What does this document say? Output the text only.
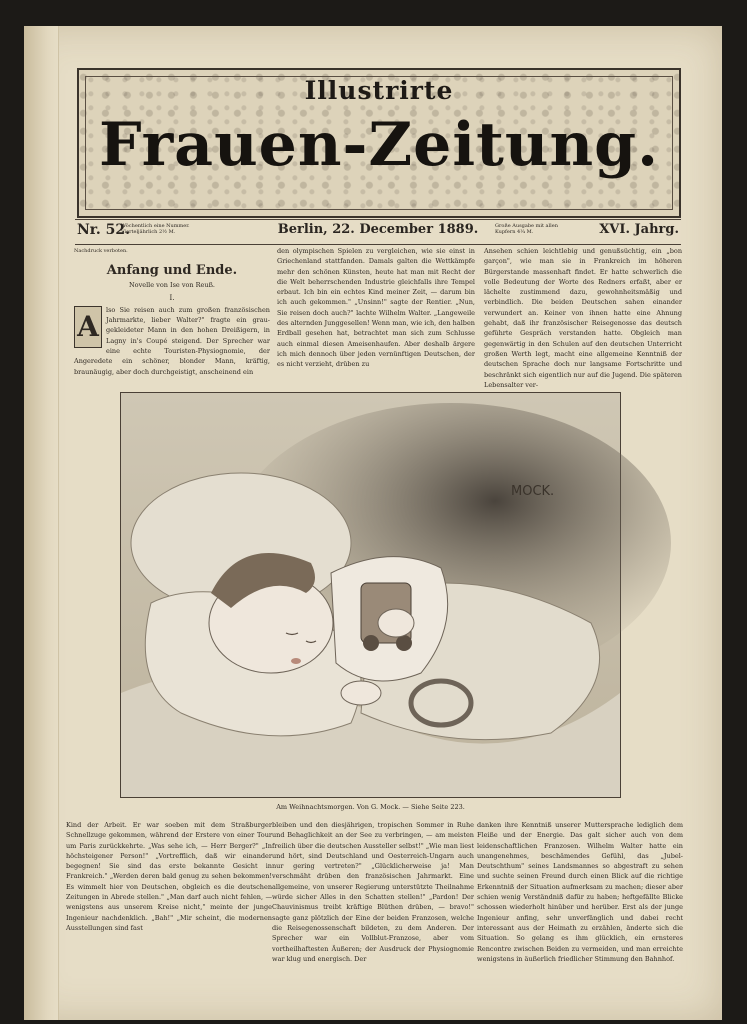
Illustrirte
Frauen-Zeitung.
Nr. 52.
Wöchentlich eine Nummer. Vierteljährlich 2½ M.	Berlin, 22. December 1889.	Große Ausgabe mit allen Kupfern 4¼ M.	XVI. Jahrg.
Nachdruck verboten.
Anfang und Ende.
Novelle von Ise von Reuß.
I.

A	lso Sie reisen auch zum großen französischen Jahrmarkte, lieber Walter?" fragte ein grau-gekleideter Mann in den hohen Dreißigern, in Lagny in's Coupé steigend. Der Sprecher war eine echte Touristen-Physiognomie, der Angeredete ein schöner, blonder Mann, kräftig, braunäugig, aber doch durchgeistigt, anscheinend ein

den olympischen Spielen zu vergleichen, wie sie einst in Griechenland stattfanden. Damals galten die Wettkämpfe mehr den schönen Künsten, heute hat man mit Recht der die Welt beherrschenden Industrie gleichfalls ihre Tempel erbaut. Ich bin ein echtes Kind meiner Zeit, — darum bin ich auch gekommen." „Unsinn!" sagte der Rentier. „Nun, Sie reisen doch auch?" lachte Wilhelm Walter. „Langeweile des alternden Junggesellen! Wenn man, wie ich, den halben Erdball gesehen hat, betrachtet man sich zum Schlusse auch einmal diesen Ameisenhaufen. Aber deshalb ärgere ich mich dennoch über jeden vernünftigen Deutschen, der es nicht verzieht, drüben zu

Ansehen schien leichtlebig und genußsüchtig, ein „bon garçon", wie man sie in Frankreich im höheren Bürgerstande massenhaft findet. Er hatte schwerlich die volle Bedeutung der Worte des Redners erfaßt, aber er lächelte zustimmend dazu, gewohnheitsmäßig und verbindlich. Die beiden Deutschen sahen einander verwundert an. Keiner von ihnen hatte eine Ahnung gehabt, daß ihr französischer Reisegenosse das deutsch geführte Gespräch verstanden hatte. Obgleich man gegenwärtig in den Schulen auf den deutschen Unterricht großen Werth legt, macht eine allgemeine Kenntniß der deutschen Sprache doch nur langsame Fortschritte und beschränkt sich eigentlich nur auf die Jugend. Die späteren Lebensalter ver-

MOCK.
Am Weihnachtsmorgen. Von G. Mock. — Siehe Seite 223.

Kind der Arbeit. Er war soeben mit dem Straßburger Schnellzuge gekommen, während der Erstere von einer Tour um Paris zurückkehrte. „Was sehe ich, — Herr Berger?" „In höchsteigener Person!" „Vortrefflich, daß wir einander begegnen! Sie sind das erste bekannte Gesicht in Frankreich." „Werden deren bald genug zu sehen bekommen! Es wimmelt hier von Deutschen, obgleich es die deutschen Zeitungen in Abrede stellen." „Man darf auch nicht fehlen, — wenigstens aus unserem Kreise nicht," meinte der junge Ingenieur nachdenklich. „Bah!" „Mir scheint, die modernen Ausstellungen sind fast

bleiben und den diesjährigen, tropischen Sommer in Ruhe und Behaglichkeit an der See zu verbringen, — am meisten freilich über die deutschen Aussteller selbst!" „Wie man liest und hört, sind Deutschland und Oesterreich-Ungarn auch nur gering vertreten?" „Glücklicherweise ja! Man verschmäht drüben den französischen Jahrmarkt. Eine allgemeine, von unserer Regierung unterstützte Theilnahme würde sicher Alles in den Schatten stellen!" „Pardon! Der Chauvinismus treibt kräftige Blüthen drüben, — bravo!" sagte ganz plötzlich der Eine der beiden Franzosen, welche die Reisegenossenschaft bildeten, zu dem Anderen. Der Sprecher war ein Vollblut-Franzose, aber vom vortheilhaftesten Äußeren; der Ausdruck der Physiognomie war klug und energisch. Der

danken ihre Kenntniß unserer Muttersprache lediglich dem Fleiße und der Energie. Das galt sicher auch von dem leidenschaftlichen Franzosen. Wilhelm Walter hatte ein unangenehmes, beschämendes Gefühl, das „Jubel-Deutschthum" seines Landsmannes so abgestraft zu sehen und suchte seinen Freund durch einen Blick auf die richtige Erkenntniß der Situation aufmerksam zu machen; dieser aber schien wenig Verständniß dafür zu haben; heftgefällte Blicke schossen wiederholt hinüber und herüber. Erst als der junge Ingenieur anfing, sehr unverfänglich und dabei recht interessant aus der Heimath zu erzählen, änderte sich die Situation. So gelang es ihm glücklich, ein ernsteres Rencontre zwischen Beiden zu vermeiden, und man erreichte wenigstens in äußerlich friedlicher Stimmung den Bahnhof.
